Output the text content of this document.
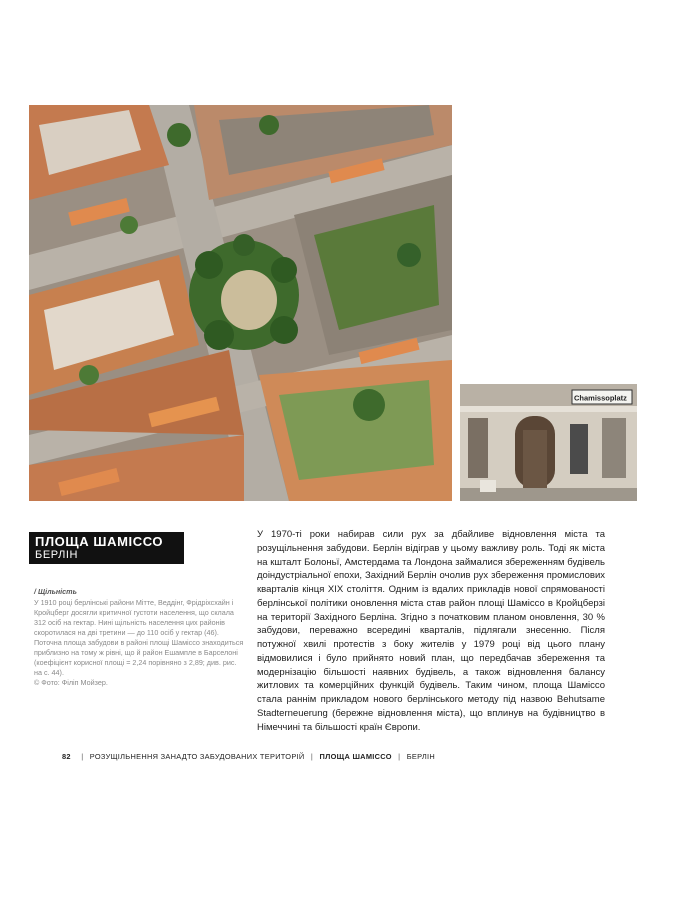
Chamissoplatz
ПЛОЩА ШАМІССО
БЕРЛІН
/ Щільність
У 1910 році берлінські райони Мітте, Веддінг, Фрідріхсхайн і Кройцберг досягли критичної густоти населення, що склала 312 осіб на гектар. Нині щільність населення цих районів скоротилася на дві третини — до 110 осіб у гектар (46). Поточна площа забудови в районі площі Шаміссо знаходиться приблизно на тому ж рівні, що й район Ешампле в Барселоні (коефіцієнт корисної площі = 2,24 порівняно з 2,89; див. рис. на с. 44).
© Фото: Філіп Мойзер.
У 1970-ті роки набирав сили рух за дбайливе відновлення міста та розущільнення забудови. Берлін відіграв у цьому важливу роль. Тоді як міста на кшталт Болоньї, Амстердама та Лондона займалися збереженням будівель доіндустріальної епохи, Західний Берлін очолив рух збереження промислових кварталів кінця XIX століття. Одним із вдалих прикладів нової спрямованості берлінської політики оновлення міста став район площі Шаміссо в Кройцберзі на території Західного Берліна. Згідно з початковим планом оновлення, 30 % забудови, переважно всередині кварталів, підлягали знесенню. Після потужної хвилі протестів з боку жителів у 1979 році від цього плану відмовилися і було прийнято новий план, що передбачав збереження та модернізацію більшості наявних будівель, а також відновлення балансу житлових та комерційних функцій будівель. Таким чином, площа Шаміссо стала раннім прикладом нового берлінського методу під назвою Behutsame Stadterneuerung (бережне відновлення міста), що вплинув на будівництво в Німеччині та більшості країн Європи.
82 | РОЗУЩІЛЬНЕННЯ ЗАНАДТО ЗАБУДОВАНИХ ТЕРИТОРІЙ | ПЛОЩА ШАМІССО | БЕРЛІН
